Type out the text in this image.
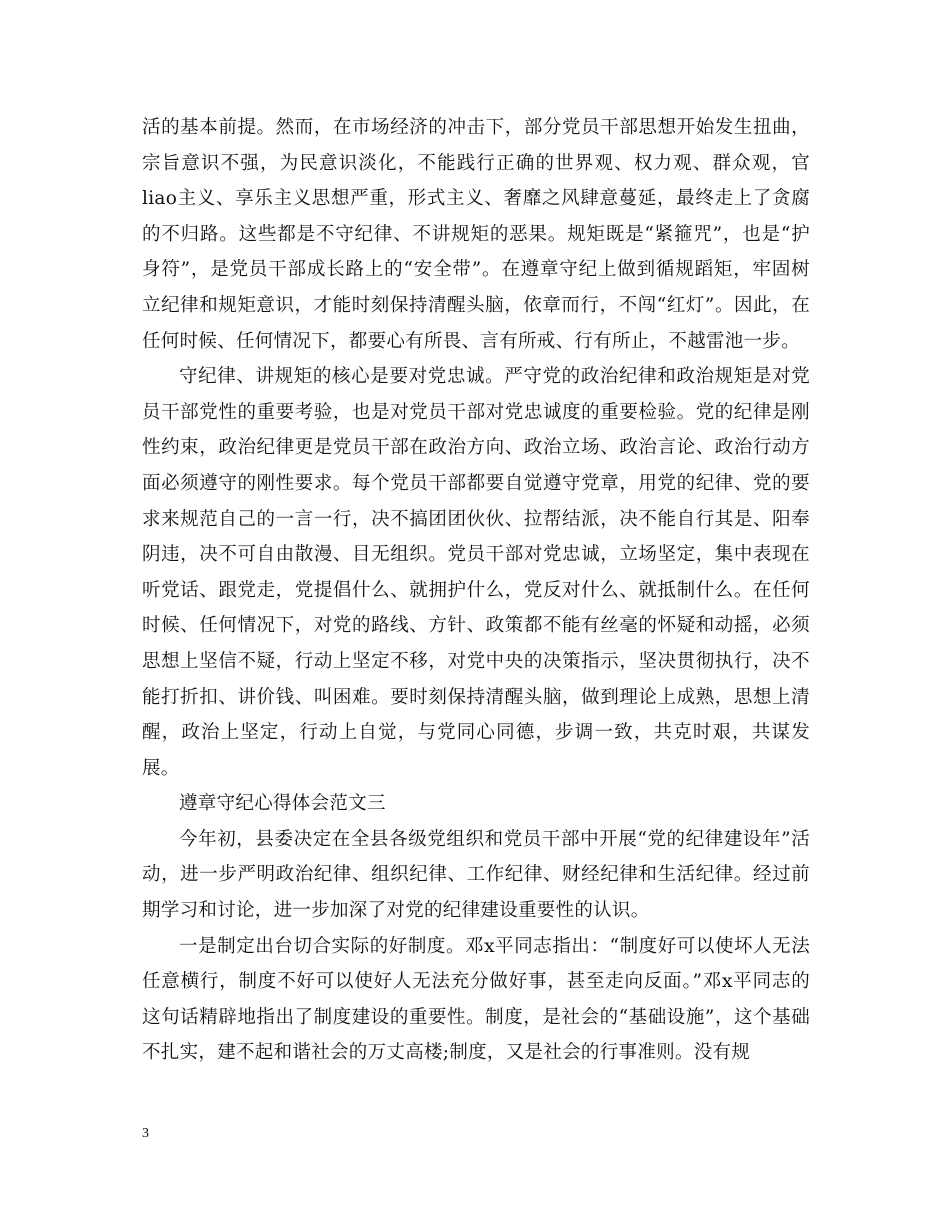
活的基本前提。然而，在市场经济的冲击下，部分党员干部思想开始发生扭曲，宗旨意识不强，为民意识淡化，不能践行正确的世界观、权力观、群众观，官liao主义、享乐主义思想严重，形式主义、奢靡之风肆意蔓延，最终走上了贪腐的不归路。这些都是不守纪律、不讲规矩的恶果。规矩既是“紧箍咒”，也是“护身符”，是党员干部成长路上的“安全带”。在遵章守纪上做到循规蹈矩，牢固树立纪律和规矩意识，才能时刻保持清醒头脑，依章而行，不闯“红灯”。因此，在任何时候、任何情况下，都要心有所畏、言有所戒、行有所止，不越雷池一步。

守纪律、讲规矩的核心是要对党忠诚。严守党的政治纪律和政治规矩是对党员干部党性的重要考验，也是对党员干部对党忠诚度的重要检验。党的纪律是刚性约束，政治纪律更是党员干部在政治方向、政治立场、政治言论、政治行动方面必须遵守的刚性要求。每个党员干部都要自觉遵守党章，用党的纪律、党的要求来规范自己的一言一行，决不搞团团伙伙、拉帮结派，决不能自行其是、阳奉阴违，决不可自由散漫、目无组织。党员干部对党忠诚，立场坚定，集中表现在听党话、跟党走，党提倡什么、就拥护什么，党反对什么、就抵制什么。在任何时候、任何情况下，对党的路线、方针、政策都不能有丝毫的怀疑和动摇，必须思想上坚信不疑，行动上坚定不移，对党中央的决策指示，坚决贯彻执行，决不能打折扣、讲价钱、叫困难。要时刻保持清醒头脑，做到理论上成熟，思想上清醒，政治上坚定，行动上自觉，与党同心同德，步调一致，共克时艰，共谋发展。

遵章守纪心得体会范文三

今年初，县委决定在全县各级党组织和党员干部中开展“党的纪律建设年”活动，进一步严明政治纪律、组织纪律、工作纪律、财经纪律和生活纪律。经过前期学习和讨论，进一步加深了对党的纪律建设重要性的认识。

一是制定出台切合实际的好制度。邓x平同志指出：“制度好可以使坏人无法任意横行，制度不好可以使好人无法充分做好事，甚至走向反面。”邓x平同志的这句话精辟地指出了制度建设的重要性。制度，是社会的“基础设施”，这个基础不扎实，建不起和谐社会的万丈高楼;制度，又是社会的行事准则。没有规

3
